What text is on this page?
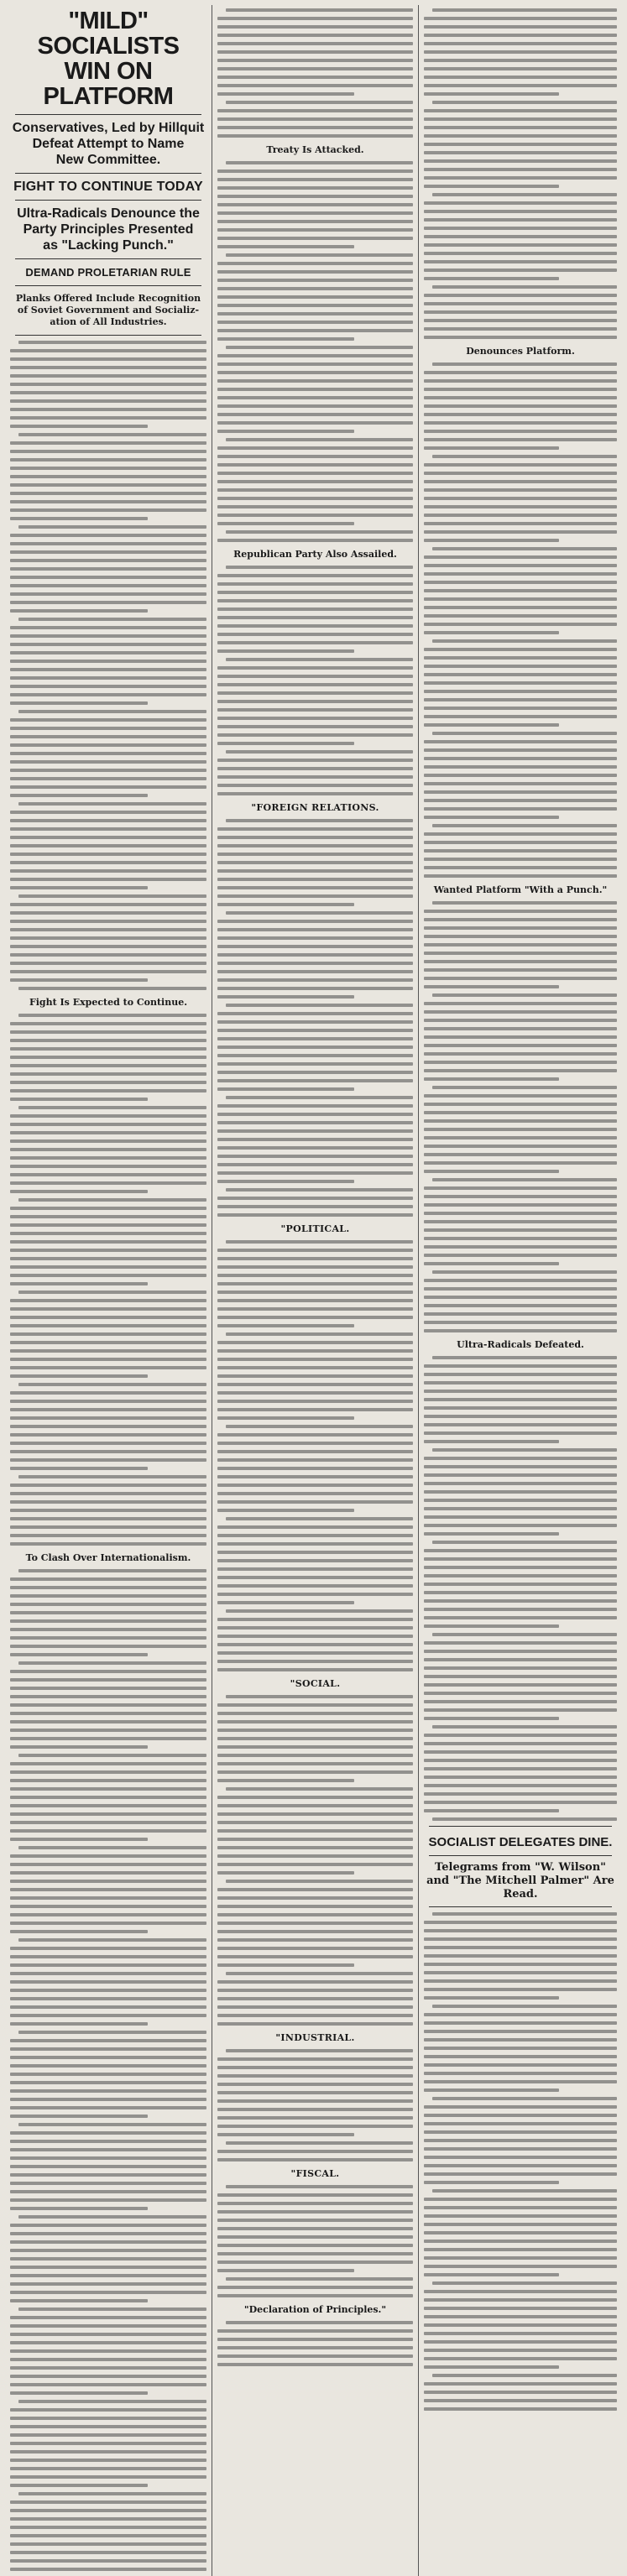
"MILD" SOCIALISTS
WIN ON PLATFORM
Conservatives, Led by Hillquit
Defeat Attempt to Name
New Committee.
FIGHT TO CONTINUE TODAY
Ultra-Radicals Denounce the
Party Principles Presented
as "Lacking Punch."
DEMAND PROLETARIAN RULE
Planks Offered Include Recognition
of Soviet Government and Socializ-
ation of All Industries.
Fight Is Expected to Continue.
To Clash Over Internationalism.
Treaty Is Attacked.
Republican Party Also Assailed.
"FOREIGN RELATIONS.
"POLITICAL.
"SOCIAL.
"INDUSTRIAL.
"FISCAL.
"Declaration of Principles."
Denounces Platform.
Wanted Platform "With a Punch."
Ultra-Radicals Defeated.
SOCIALIST DELEGATES DINE.
Telegrams from "W. Wilson"
and "The Mitchell Palmer" Are Read.
